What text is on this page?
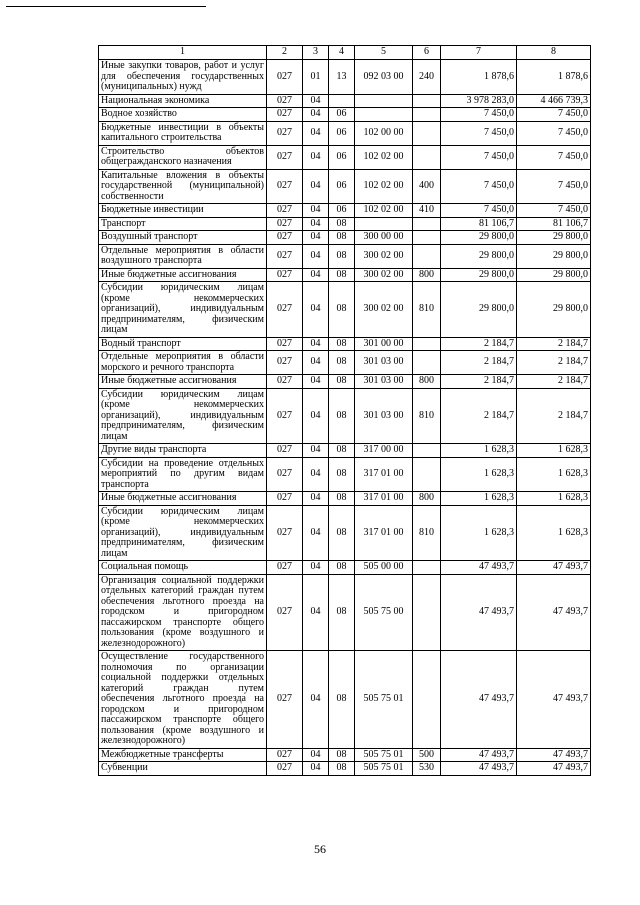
1	2	3	4	5	6	7	8
Иные закупки товаров, работ и услуг для обеспечения государственных (муниципальных) нужд	027	01	13	092 03 00	240	1 878,6	1 878,6
Национальная экономика	027	04				3 978 283,0	4 466 739,3
Водное хозяйство	027	04	06			7 450,0	7 450,0
Бюджетные инвестиции в объекты капитального строительства	027	04	06	102 00 00		7 450,0	7 450,0
Строительство объектов общегражданского назначения	027	04	06	102 02 00		7 450,0	7 450,0
Капитальные вложения в объекты государственной (муниципальной) собственности	027	04	06	102 02 00	400	7 450,0	7 450,0
Бюджетные инвестиции	027	04	06	102 02 00	410	7 450,0	7 450,0
Транспорт	027	04	08			81 106,7	81 106,7
Воздушный транспорт	027	04	08	300 00 00		29 800,0	29 800,0
Отдельные мероприятия в области воздушного транспорта	027	04	08	300 02 00		29 800,0	29 800,0
Иные бюджетные ассигнования	027	04	08	300 02 00	800	29 800,0	29 800,0
Субсидии юридическим лицам (кроме некоммерческих организаций), индивидуальным предпринимателям, физическим лицам	027	04	08	300 02 00	810	29 800,0	29 800,0
Водный транспорт	027	04	08	301 00 00		2 184,7	2 184,7
Отдельные мероприятия в области морского и речного транспорта	027	04	08	301 03 00		2 184,7	2 184,7
Иные бюджетные ассигнования	027	04	08	301 03 00	800	2 184,7	2 184,7
Субсидии юридическим лицам (кроме некоммерческих организаций), индивидуальным предпринимателям, физическим лицам	027	04	08	301 03 00	810	2 184,7	2 184,7
Другие виды транспорта	027	04	08	317 00 00		1 628,3	1 628,3
Субсидии на проведение отдельных мероприятий по другим видам транспорта	027	04	08	317 01 00		1 628,3	1 628,3
Иные бюджетные ассигнования	027	04	08	317 01 00	800	1 628,3	1 628,3
Субсидии юридическим лицам (кроме некоммерческих организаций), индивидуальным предпринимателям, физическим лицам	027	04	08	317 01 00	810	1 628,3	1 628,3
Социальная помощь	027	04	08	505 00 00		47 493,7	47 493,7
Организация социальной поддержки отдельных категорий граждан путем обеспечения льготного проезда на городском и пригородном пассажирском транспорте общего пользования (кроме воздушного и железнодорожного)	027	04	08	505 75 00		47 493,7	47 493,7
Осуществление государственного полномочия по организации социальной поддержки отдельных категорий граждан путем обеспечения льготного проезда на городском и пригородном пассажирском транспорте общего пользования (кроме воздушного и железнодорожного)	027	04	08	505 75 01		47 493,7	47 493,7
Межбюджетные трансферты	027	04	08	505 75 01	500	47 493,7	47 493,7
Субвенции	027	04	08	505 75 01	530	47 493,7	47 493,7
56
